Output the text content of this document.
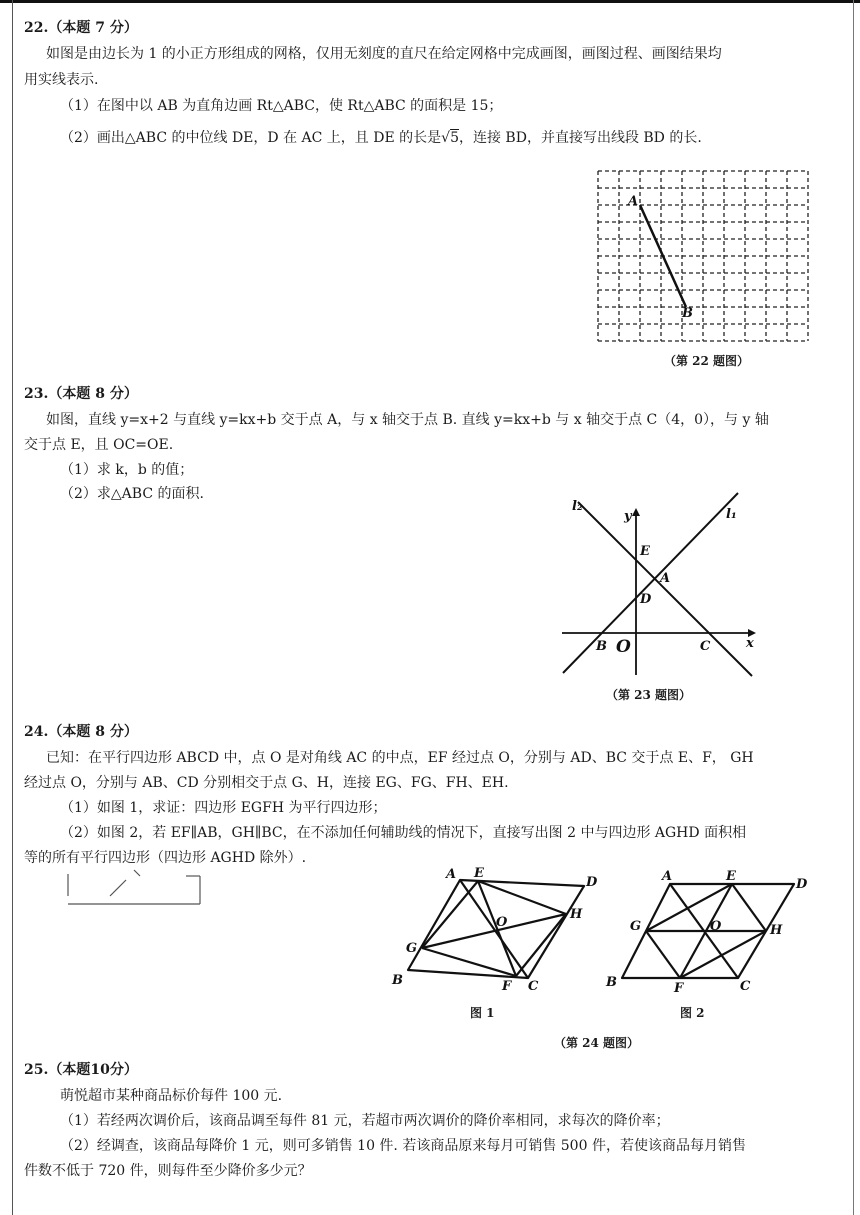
22.（本题 7 分）
如图是由边长为 1 的小正方形组成的网格，仅用无刻度的直尺在给定网格中完成画图，画图过程、画图结果均
用实线表示.
（1）在图中以 AB 为直角边画 Rt△ABC，使 Rt△ABC 的面积是 15；
（2）画出△ABC 的中位线 DE，D 在 AC 上，且 DE 的长是√5，连接 BD，并直接写出线段 BD 的长.
A
B
（第 22 题图）
23.（本题 8 分）
如图，直线 y=x+2 与直线 y=kx+b 交于点 A，与 x 轴交于点 B. 直线 y=kx+b 与 x 轴交于点 C（4，0），与 y 轴
交于点 E，且 OC=OE.
（1）求 k，b 的值；
（2）求△ABC 的面积.
l₂
l₁
y
x
E
A
D
B O	C
（第 23 题图）
24.（本题 8 分）
已知：在平行四边形 ABCD 中，点 O 是对角线 AC 的中点，EF 经过点 O，分别与 AD、BC 交于点 E、F， GH
经过点 O，分别与 AB、CD 分别相交于点 G、H，连接 EG、FG、FH、EH.
（1）如图 1，求证：四边形 EGFH 为平行四边形；
（2）如图 2，若 EF∥AB，GH∥BC，在不添加任何辅助线的情况下，直接写出图 2 中与四边形 AGHD 面积相
等的所有平行四边形（四边形 AGHD 除外）.
A E
D
H
O
G
B	F C
图 1
A	E
D
G	O	H
B	F	C
图 2
（第 24 题图）
25.（本题10分）
萌悦超市某种商品标价每件 100 元.
（1）若经两次调价后，该商品调至每件 81 元，若超市两次调价的降价率相同，求每次的降价率；
（2）经调查，该商品每降价 1 元，则可多销售 10 件. 若该商品原来每月可销售 500 件，若使该商品每月销售
件数不低于 720 件，则每件至少降价多少元？
